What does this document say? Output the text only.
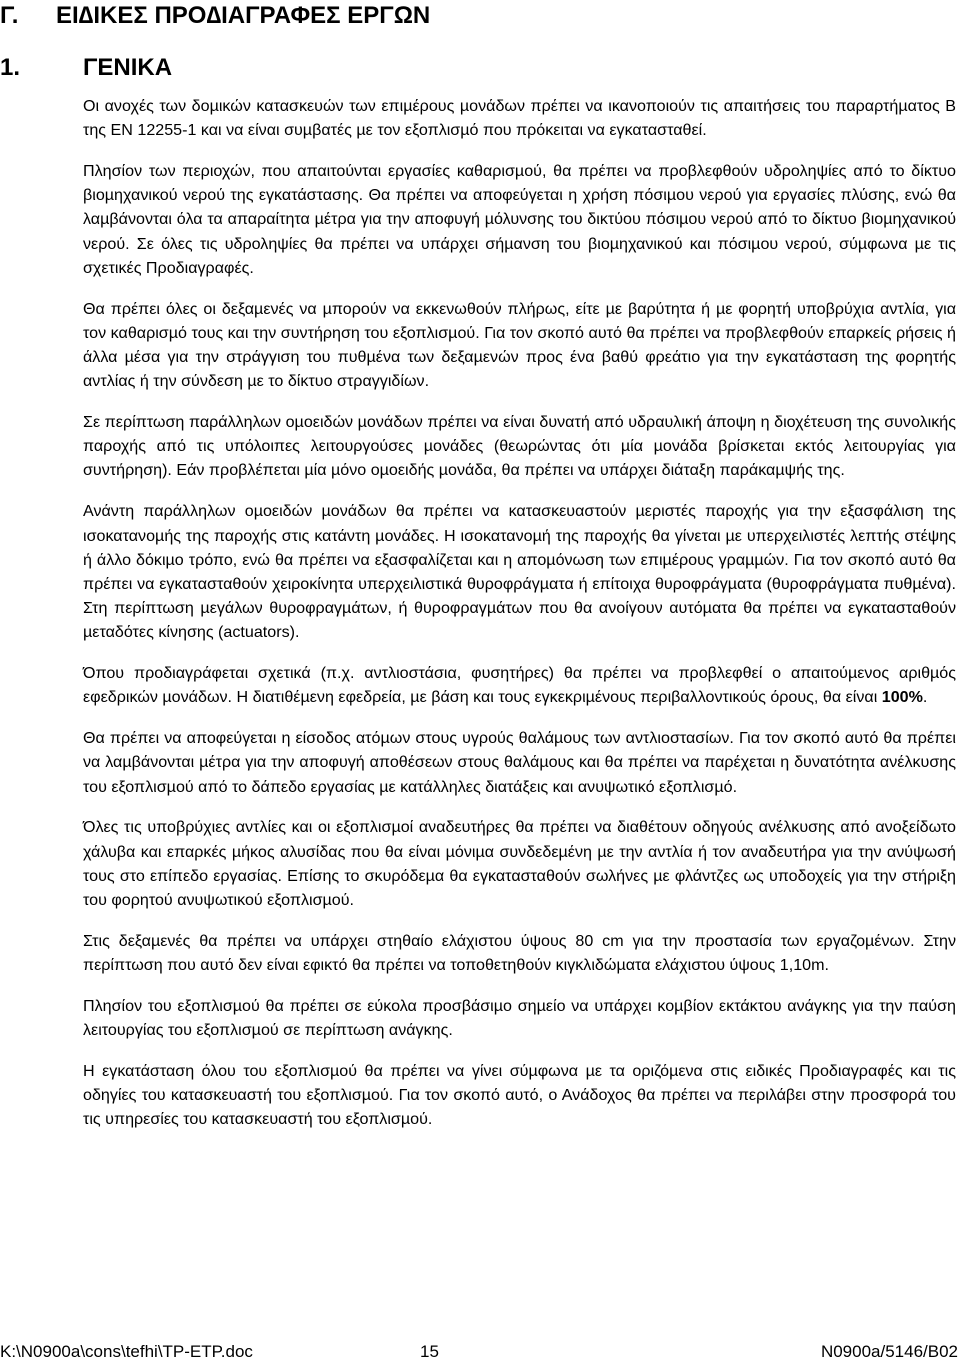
Γ. ΕΙ∆ΙΚΕΣ ΠΡΟ∆ΙΑΓΡΑΦΕΣ ΕΡΓΩΝ
1.	ΓΕΝΙΚΑ

Οι ανοχές των δοµικών κατασκευών των επιµέρους µονάδων πρέπει να ικανοποιούν τις απαιτήσεις του παραρτήµατος Β της ΕΝ 12255-1 και να είναι συµβατές µε τον εξοπλισµό που πρόκειται να εγκατασταθεί.

Πλησίον των περιοχών, που απαιτούνται εργασίες καθαρισµού, θα πρέπει να προβλεφθούν υδροληψίες από το δίκτυο βιοµηχανικού νερού της εγκατάστασης. Θα πρέπει να αποφεύγεται η χρήση πόσιµου νερού για εργασίες πλύσης, ενώ θα λαµβάνονται όλα τα απαραίτητα µέτρα για την αποφυγή µόλυνσης του δικτύου πόσιµου νερού από το δίκτυο βιοµηχανικού νερού. Σε όλες τις υδροληψίες θα πρέπει να υπάρχει σήµανση του βιοµηχανικού και πόσιµου νερού, σύµφωνα µε τις σχετικές Προδιαγραφές.

Θα πρέπει όλες οι δεξαµενές να µπορούν να εκκενωθούν πλήρως, είτε µε βαρύτητα ή µε φορητή υποβρύχια αντλία, για τον καθαρισµό τους και την συντήρηση του εξοπλισµού. Για τον σκοπό αυτό θα πρέπει να προβλεφθούν επαρκείς ρήσεις ή άλλα µέσα για την στράγγιση του πυθµένα των δεξαµενών προς ένα βαθύ φρεάτιο για την εγκατάσταση της φορητής αντλίας ή την σύνδεση µε το δίκτυο στραγγιδίων.

Σε περίπτωση παράλληλων οµοειδών µονάδων πρέπει να είναι δυνατή από υδραυλική άποψη η διοχέτευση της συνολικής παροχής από τις υπόλοιπες λειτουργούσες µονάδες (θεωρώντας ότι µία µονάδα βρίσκεται εκτός λειτουργίας για συντήρηση). Εάν προβλέπεται µία µόνο οµοειδής µονάδα, θα πρέπει να υπάρχει διάταξη παράκαµψής της.

Ανάντη παράλληλων οµοειδών µονάδων θα πρέπει να κατασκευαστούν µεριστές παροχής για την εξασφάλιση της ισοκατανοµής της παροχής στις κατάντη µονάδες. Η ισοκατανοµή της παροχής θα γίνεται µε υπερχειλιστές λεπτής στέψης ή άλλο δόκιµο τρόπο, ενώ θα πρέπει να εξασφαλίζεται και η αποµόνωση των επιµέρους γραµµών. Για τον σκοπό αυτό θα πρέπει να εγκατασταθούν χειροκίνητα υπερχειλιστικά θυροφράγµατα ή επίτοιχα θυροφράγµατα (θυροφράγµατα πυθµένα). Στη περίπτωση µεγάλων θυροφραγµάτων, ή θυροφραγµάτων που θα ανοίγουν αυτόµατα θα πρέπει να εγκατασταθούν µεταδότες κίνησης (actuators).

Όπου προδιαγράφεται σχετικά (π.χ. αντλιοστάσια, φυσητήρες) θα πρέπει να προβλεφθεί ο απαιτούµενος αριθµός εφεδρικών µονάδων. Η διατιθέµενη εφεδρεία, µε βάση και τους εγκεκριµένους περιβαλλοντικούς όρους, θα είναι 100%.

Θα πρέπει να αποφεύγεται η είσοδος ατόµων στους υγρούς θαλάµους των αντλιοστασίων. Για τον σκοπό αυτό θα πρέπει να λαµβάνονται µέτρα για την αποφυγή αποθέσεων στους θαλάµους και θα πρέπει να παρέχεται η δυνατότητα ανέλκυσης του εξοπλισµού από το δάπεδο εργασίας µε κατάλληλες διατάξεις και ανυψωτικό εξοπλισµό.

Όλες τις υποβρύχιες αντλίες και οι εξοπλισµοί αναδευτήρες θα πρέπει να διαθέτουν οδηγούς ανέλκυσης από ανοξείδωτο χάλυβα και επαρκές µήκος αλυσίδας που θα είναι µόνιµα συνδεδεµένη µε την αντλία ή τον αναδευτήρα για την ανύψωσή τους στο επίπεδο εργασίας. Επίσης το σκυρόδεµα θα εγκατασταθούν σωλήνες µε φλάντζες ως υποδοχείς για την στήριξη του φορητού ανυψωτικού εξοπλισµού.

Στις δεξαµενές θα πρέπει να υπάρχει στηθαίο ελάχιστου ύψους 80 cm για την προστασία των εργαζοµένων. Στην περίπτωση που αυτό δεν είναι εφικτό θα πρέπει να τοποθετηθούν κιγκλιδώµατα ελάχιστου ύψους 1,10m.

Πλησίον του εξοπλισµού θα πρέπει σε εύκολα προσβάσιµο σηµείο να υπάρχει κοµβίον εκτάκτου ανάγκης για την παύση λειτουργίας του εξοπλισµού σε περίπτωση ανάγκης.

Η εγκατάσταση όλου του εξοπλισµού θα πρέπει να γίνει σύµφωνα µε τα οριζόµενα στις ειδικές Προδιαγραφές και τις οδηγίες του κατασκευαστή του εξοπλισµού. Για τον σκοπό αυτό, ο Ανάδοχος θα πρέπει να περιλάβει στην προσφορά του τις υπηρεσίες του κατασκευαστή του εξοπλισµού.

K:\N0900a\cons\tefhi\TP-ETP.doc	15	N0900a/5146/B02
